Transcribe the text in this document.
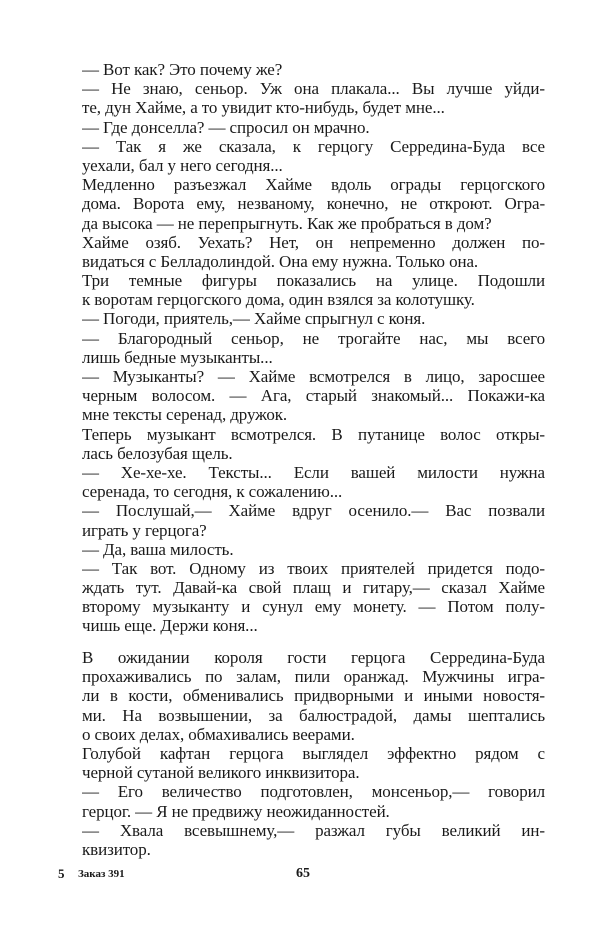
— Вот как? Это почему же?
— Не знаю, сеньор. Уж она плакала... Вы лучше уйди-
те, дун Хайме, а то увидит кто-нибудь, будет мне...
— Где донселла? — спросил он мрачно.
— Так я же сказала, к герцогу Серредина-Буда все
уехали, бал у него сегодня...
Медленно разъезжал Хайме вдоль ограды герцогского
дома. Ворота ему, незваному, конечно, не откроют. Огра-
да высока — не перепрыгнуть. Как же пробраться в дом?
Хайме озяб. Уехать? Нет, он непременно должен по-
видаться с Белладолиндой. Она ему нужна. Только она.
Три темные фигуры показались на улице. Подошли
к воротам герцогского дома, один взялся за колотушку.
— Погоди, приятель,— Хайме спрыгнул с коня.
— Благородный сеньор, не трогайте нас, мы всего
лишь бедные музыканты...
— Музыканты? — Хайме всмотрелся в лицо, заросшее
черным волосом. — Ага, старый знакомый... Покажи-ка
мне тексты серенад, дружок.
Теперь музыкант всмотрелся. В путанице волос откры-
лась белозубая щель.
— Хе-хе-хе. Тексты... Если вашей милости нужна
серенада, то сегодня, к сожалению...
— Послушай,— Хайме вдруг осенило.— Вас позвали
играть у герцога?
— Да, ваша милость.
— Так вот. Одному из твоих приятелей придется подо-
ждать тут. Давай-ка свой плащ и гитару,— сказал Хайме
второму музыканту и сунул ему монету. — Потом полу-
чишь еще. Держи коня...
В ожидании короля гости герцога Серредина-Буда
прохаживались по залам, пили оранжад. Мужчины игра-
ли в кости, обменивались придворными и иными новостя-
ми. На возвышении, за балюстрадой, дамы шептались
о своих делах, обмахивались веерами.
Голубой кафтан герцога выглядел эффектно рядом с
черной сутаной великого инквизитора.
— Его величество подготовлен, монсеньор,— говорил
герцог. — Я не предвижу неожиданностей.
— Хвала всевышнему,— разжал губы великий ин-
квизитор.
5 Заказ 391	65
